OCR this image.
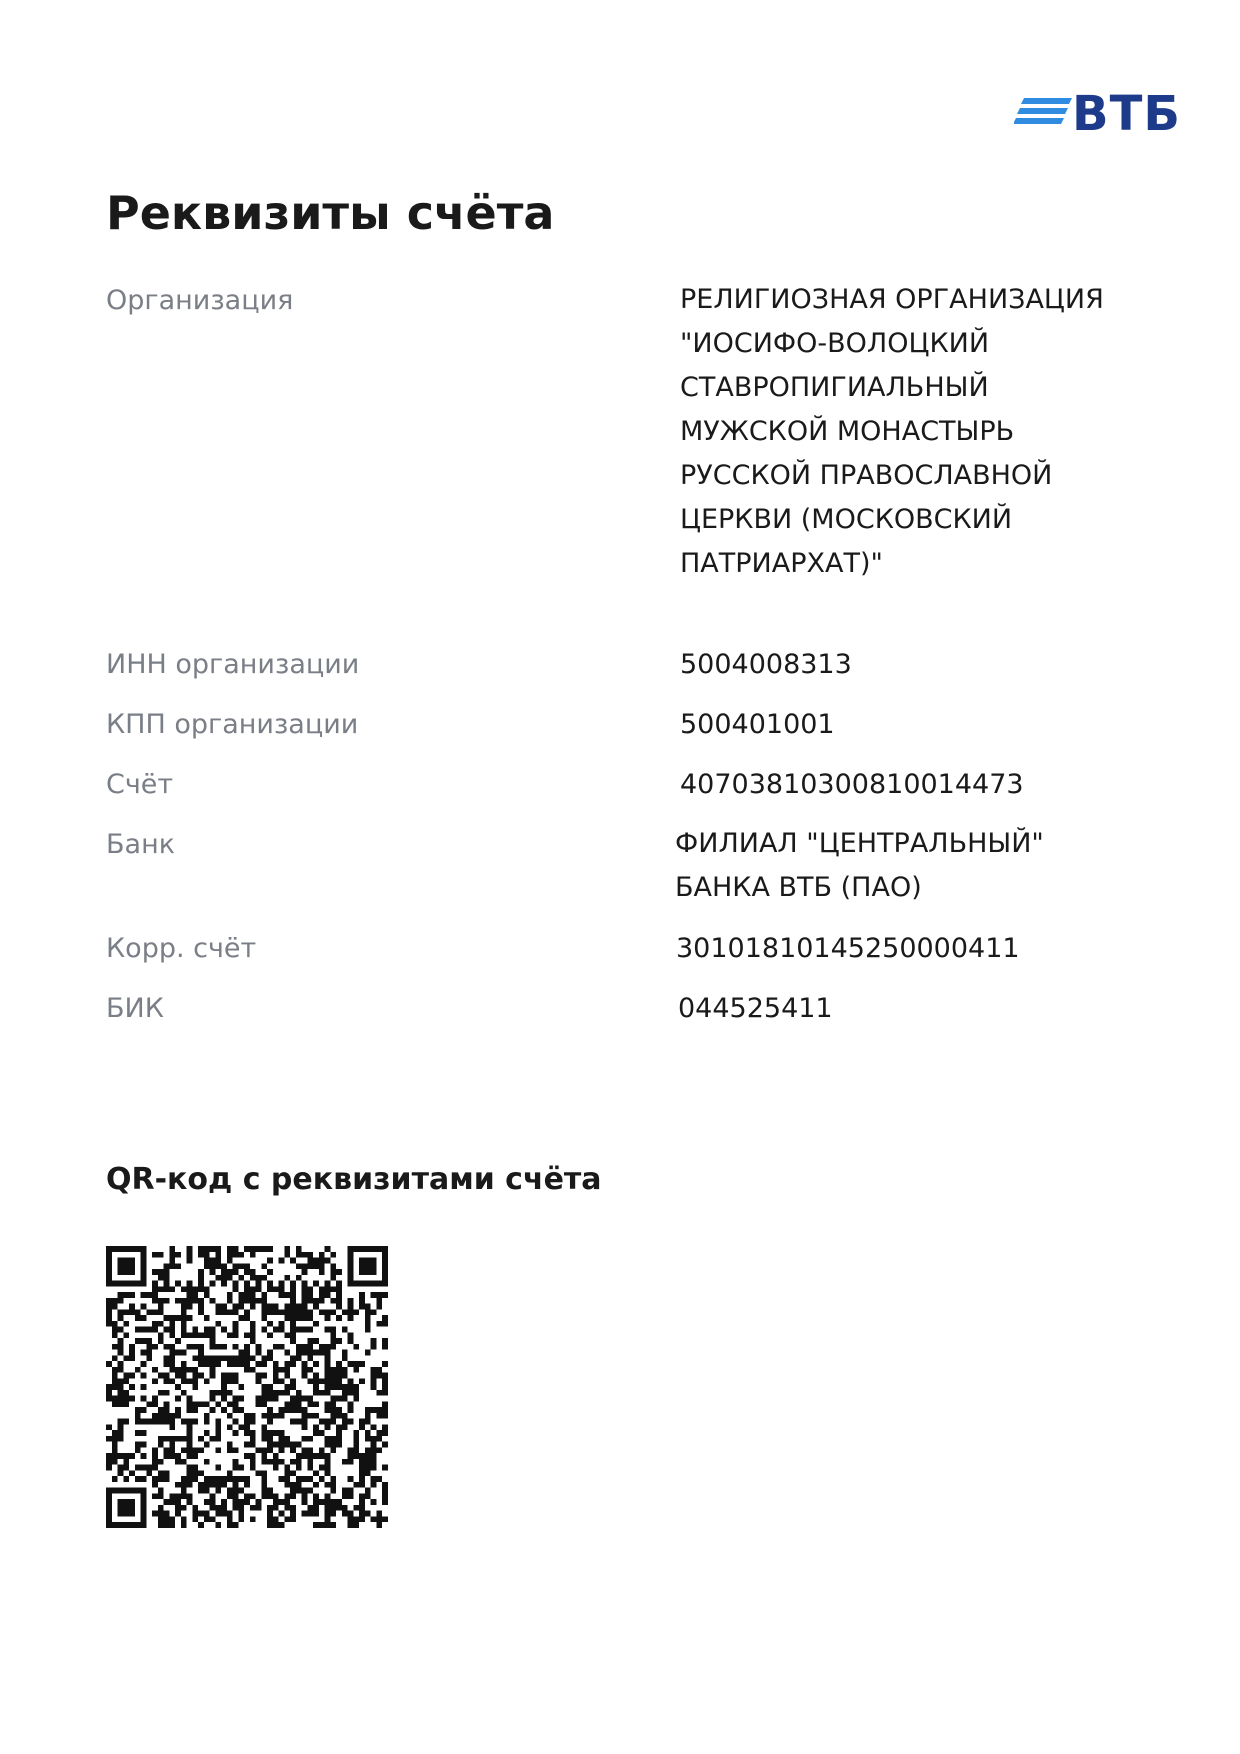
ВТБ
Реквизиты счёта
Организация	РЕЛИГИОЗНАЯ ОРГАНИЗАЦИЯ "ИОСИФО-ВОЛОЦКИЙ СТАВРОПИГИАЛЬНЫЙ МУЖСКОЙ МОНАСТЫРЬ РУССКОЙ ПРАВОСЛАВНОЙ ЦЕРКВИ (МОСКОВСКИЙ ПАТРИАРХАТ)"
ИНН организации	5004008313
КПП организации	500401001
Счёт	40703810300810014473
Банк	ФИЛИАЛ "ЦЕНТРАЛЬНЫЙ" БАНКА ВТБ (ПАО)
Корр. счёт	30101810145250000411
БИК	044525411
QR-код с реквизитами счёта
